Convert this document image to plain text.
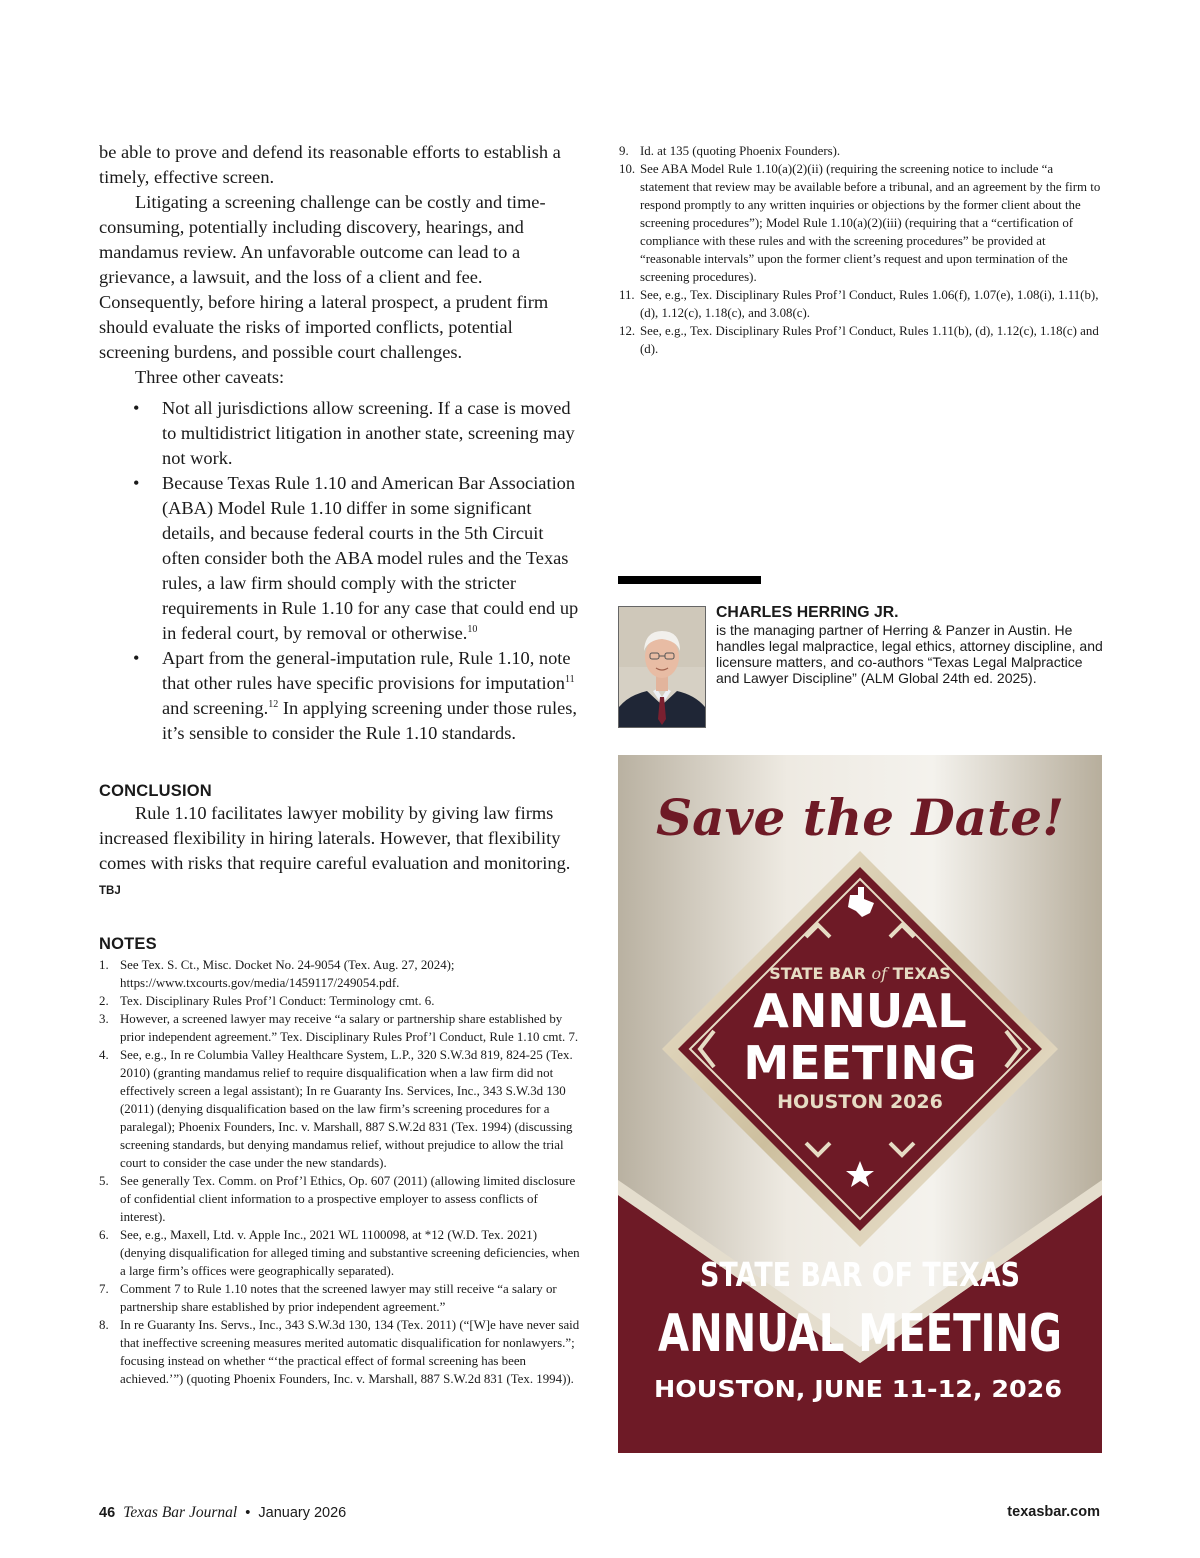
be able to prove and defend its reasonable efforts to establish a timely, effective screen.

Litigating a screening challenge can be costly and time-consuming, potentially including discovery, hearings, and mandamus review. An unfavorable outcome can lead to a grievance, a lawsuit, and the loss of a client and fee. Consequently, before hiring a lateral prospect, a prudent firm should evaluate the risks of imported conflicts, potential screening burdens, and possible court challenges.

Three other caveats:

• Not all jurisdictions allow screening. If a case is moved to multidistrict litigation in another state, screening may not work.
• Because Texas Rule 1.10 and American Bar Association (ABA) Model Rule 1.10 differ in some significant details, and because federal courts in the 5th Circuit often consider both the ABA model rules and the Texas rules, a law firm should comply with the stricter requirements in Rule 1.10 for any case that could end up in federal court, by removal or otherwise.$^{10}$
• Apart from the general-imputation rule, Rule 1.10, note that other rules have specific provisions for imputation$^{11}$ and screening.$^{12}$ In applying screening under those rules, it’s sensible to consider the Rule 1.10 standards.
CONCLUSION

Rule 1.10 facilitates lawyer mobility by giving law firms increased flexibility in hiring laterals. However, that flexibility comes with risks that require careful evaluation and monitoring. TBJ

NOTES
1. See Tex. S. Ct., Misc. Docket No. 24-9054 (Tex. Aug. 27, 2024); https://www.txcourts.gov/media/1459117/249054.pdf.
2. Tex. Disciplinary Rules Prof’l Conduct: Terminology cmt. 6.
3. However, a screened lawyer may receive “a salary or partnership share established by prior independent agreement.” Tex. Disciplinary Rules Prof’l Conduct, Rule 1.10 cmt. 7.
4. See, e.g., In re Columbia Valley Healthcare System, L.P., 320 S.W.3d 819, 824-25 (Tex. 2010) (granting mandamus relief to require disqualification when a law firm did not effectively screen a legal assistant); In re Guaranty Ins. Services, Inc., 343 S.W.3d 130 (2011) (denying disqualification based on the law firm’s screening procedures for a paralegal); Phoenix Founders, Inc. v. Marshall, 887 S.W.2d 831 (Tex. 1994) (discussing screening standards, but denying mandamus relief, without prejudice to allow the trial court to consider the case under the new standards).
5. See generally Tex. Comm. on Prof’l Ethics, Op. 607 (2011) (allowing limited disclosure of confidential client information to a prospective employer to assess conflicts of interest).
6. See, e.g., Maxell, Ltd. v. Apple Inc., 2021 WL 1100098, at *12 (W.D. Tex. 2021) (denying disqualification for alleged timing and substantive screening deficiencies, when a large firm’s offices were geographically separated).
7. Comment 7 to Rule 1.10 notes that the screened lawyer may still receive “a salary or partnership share established by prior independent agreement.”
8. In re Guaranty Ins. Servs., Inc., 343 S.W.3d 130, 134 (Tex. 2011) (“[W]e have never said that ineffective screening measures merited automatic disqualification for nonlawyers.”; focusing instead on whether “‘the practical effect of formal screening has been achieved.’”) (quoting Phoenix Founders, Inc. v. Marshall, 887 S.W.2d 831 (Tex. 1994)).
9. Id. at 135 (quoting Phoenix Founders).
10. See ABA Model Rule 1.10(a)(2)(ii) (requiring the screening notice to include “a statement that review may be available before a tribunal, and an agreement by the firm to respond promptly to any written inquiries or objections by the former client about the screening procedures”); Model Rule 1.10(a)(2)(iii) (requiring that a “certification of compliance with these rules and with the screening procedures” be provided at “reasonable intervals” upon the former client’s request and upon termination of the screening procedures).
11. See, e.g., Tex. Disciplinary Rules Prof’l Conduct, Rules 1.06(f), 1.07(e), 1.08(i), 1.11(b), (d), 1.12(c), 1.18(c), and 3.08(c).
12. See, e.g., Tex. Disciplinary Rules Prof’l Conduct, Rules 1.11(b), (d), 1.12(c), 1.18(c) and (d).
CHARLES HERRING JR.
is the managing partner of Herring & Panzer in Austin. He handles legal malpractice, legal ethics, attorney discipline, and licensure matters, and co-authors “Texas Legal Malpractice and Lawyer Discipline” (ALM Global 24th ed. 2025).
Save the Date!
STATE BAR of TEXAS
ANNUAL
MEETING
HOUSTON 2026
STATE BAR OF TEXAS
ANNUAL MEETING
HOUSTON, JUNE 11-12, 2026
46 Texas Bar Journal • January 2026	texasbar.com
